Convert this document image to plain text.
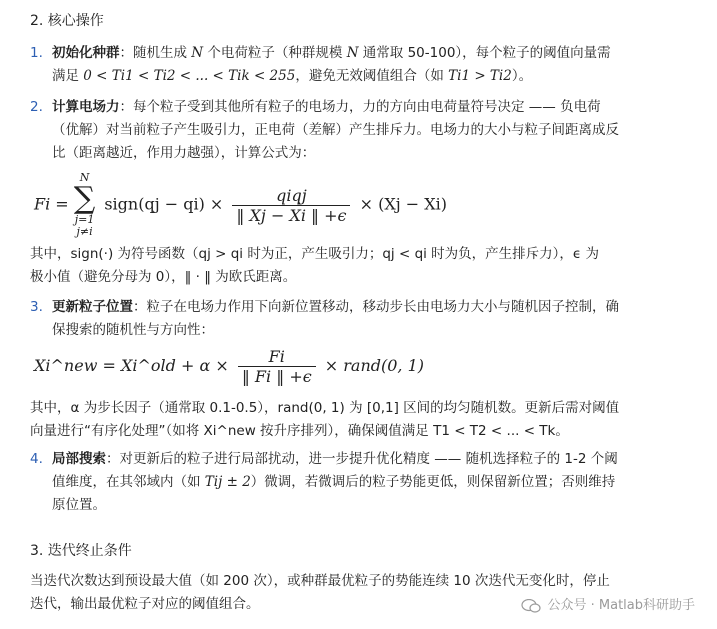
2. 核心操作
1. 初始化种群：随机生成 N 个电荷粒子（种群规模 N 通常取 50-100），每个粒子的阈值向量需
满足 0 < Ti1 < Ti2 < ... < Tik < 255，避免无效阈值组合（如 Ti1 > Ti2）。
2. 计算电场力：每个粒子受到其他所有粒子的电场力，力的方向由电荷量符号决定 —— 负电荷
（优解）对当前粒子产生吸引力，正电荷（差解）产生排斥力。电场力的大小与粒子间距离成反
比（距离越近，作用力越强），计算公式为：
Fi =
N
∑
j=1
j≠i
sign(qj − $qi) \times \frac{\text{qiqj}}{‖ Xj - Xi ‖ +\epsilon} \times (Xj - Xi)$
其中，sign(·) 为符号函数（qj > qi 时为正，产生吸引力；qj < qi 时为负，产生排斥力），ϵ 为
极小值（避免分母为 0），‖ · ‖ 为欧氏距离。
3. 更新粒子位置：粒子在电场力作用下向新位置移动，移动步长由电场力大小与随机因子控制，确
保搜索的随机性与方向性：
Xi^new = Xi^old + $\alpha \times \frac{Fi}{‖ Fi ‖ +\epsilon}$ × rand(0, 1)
其中，α 为步长因子（通常取 0.1-0.5），rand(0, 1) 为 [0,1] 区间的均匀随机数。更新后需对阈值
向量进行“有序化处理”（如将 Xi^new 按升序排列），确保阈值满足 T1 < T2 < ... < Tk。
4. 局部搜索：对更新后的粒子进行局部扰动，进一步提升优化精度 —— 随机选择粒子的 1-2 个阈
值维度，在其邻域内（如 Tij ± 2）微调，若微调后的粒子势能更低，则保留新位置；否则维持
原位置。
3. 迭代终止条件
当迭代次数达到预设最大值（如 200 次），或种群最优粒子的势能连续 10 次迭代无变化时，停止
迭代，输出最优粒子对应的阈值组合。	公众号 · Matlab科研助手
